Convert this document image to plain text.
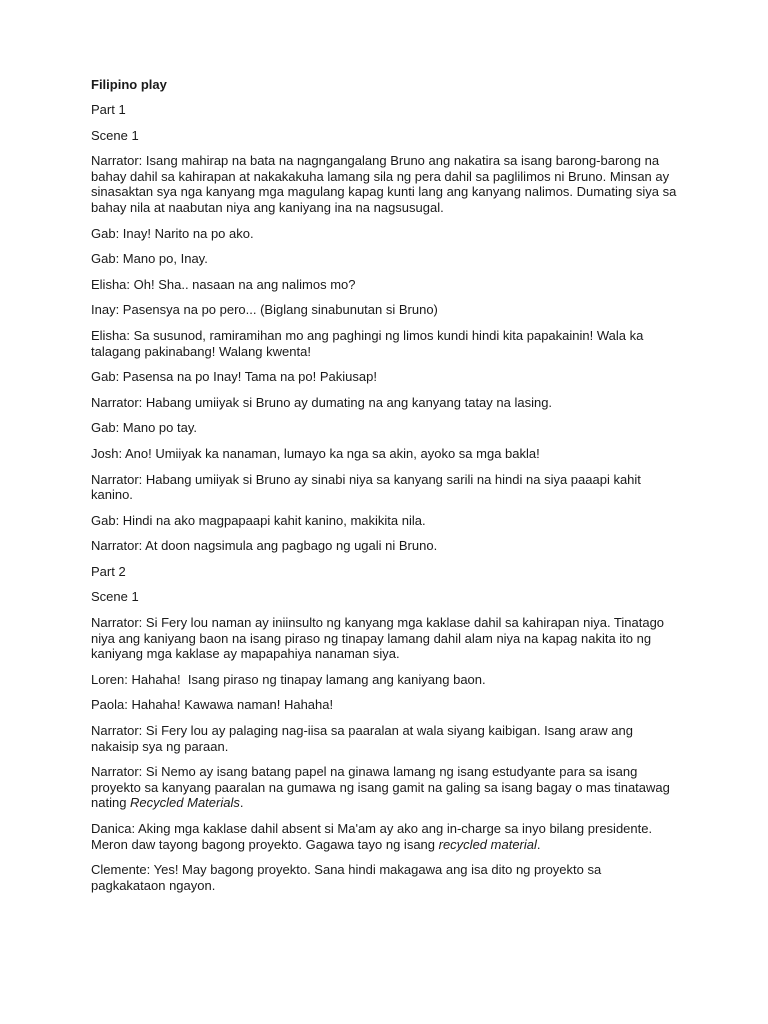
Filipino play
Part 1
Scene 1
Narrator: Isang mahirap na bata na nagngangalang Bruno ang nakatira sa isang barong-barong na bahay dahil sa kahirapan at nakakakuha lamang sila ng pera dahil sa paglilimos ni Bruno. Minsan ay sinasaktan sya nga kanyang mga magulang kapag kunti lang ang kanyang nalimos. Dumating siya sa bahay nila at naabutan niya ang kaniyang ina na nagsusugal.
Gab: Inay! Narito na po ako.
Gab: Mano po, Inay.
Elisha: Oh! Sha.. nasaan na ang nalimos mo?
Inay: Pasensya na po pero... (Biglang sinabunutan si Bruno)
Elisha: Sa susunod, ramiramihan mo ang paghingi ng limos kundi hindi kita papakainin! Wala ka talagang pakinabang! Walang kwenta!
Gab: Pasensa na po Inay! Tama na po! Pakiusap!
Narrator: Habang umiiyak si Bruno ay dumating na ang kanyang tatay na lasing.
Gab: Mano po tay.
Josh: Ano! Umiiyak ka nanaman, lumayo ka nga sa akin, ayoko sa mga bakla!
Narrator: Habang umiiyak si Bruno ay sinabi niya sa kanyang sarili na hindi na siya paaapi kahit kanino.
Gab: Hindi na ako magpapaapi kahit kanino, makikita nila.
Narrator: At doon nagsimula ang pagbago ng ugali ni Bruno.
Part 2
Scene 1
Narrator: Si Fery lou naman ay iniinsulto ng kanyang mga kaklase dahil sa kahirapan niya. Tinatago niya ang kaniyang baon na isang piraso ng tinapay lamang dahil alam niya na kapag nakita ito ng kaniyang mga kaklase ay mapapahiya nanaman siya.
Loren: Hahaha!  Isang piraso ng tinapay lamang ang kaniyang baon.
Paola: Hahaha! Kawawa naman! Hahaha!
Narrator: Si Fery lou ay palaging nag-iisa sa paaralan at wala siyang kaibigan. Isang araw ang nakaisip sya ng paraan.
Narrator: Si Nemo ay isang batang papel na ginawa lamang ng isang estudyante para sa isang proyekto sa kanyang paaralan na gumawa ng isang gamit na galing sa isang bagay o mas tinatawag nating Recycled Materials.
Danica: Aking mga kaklase dahil absent si Ma'am ay ako ang in-charge sa inyo bilang presidente. Meron daw tayong bagong proyekto. Gagawa tayo ng isang recycled material.
Clemente: Yes! May bagong proyekto. Sana hindi makagawa ang isa dito ng proyekto sa pagkakataon ngayon.
